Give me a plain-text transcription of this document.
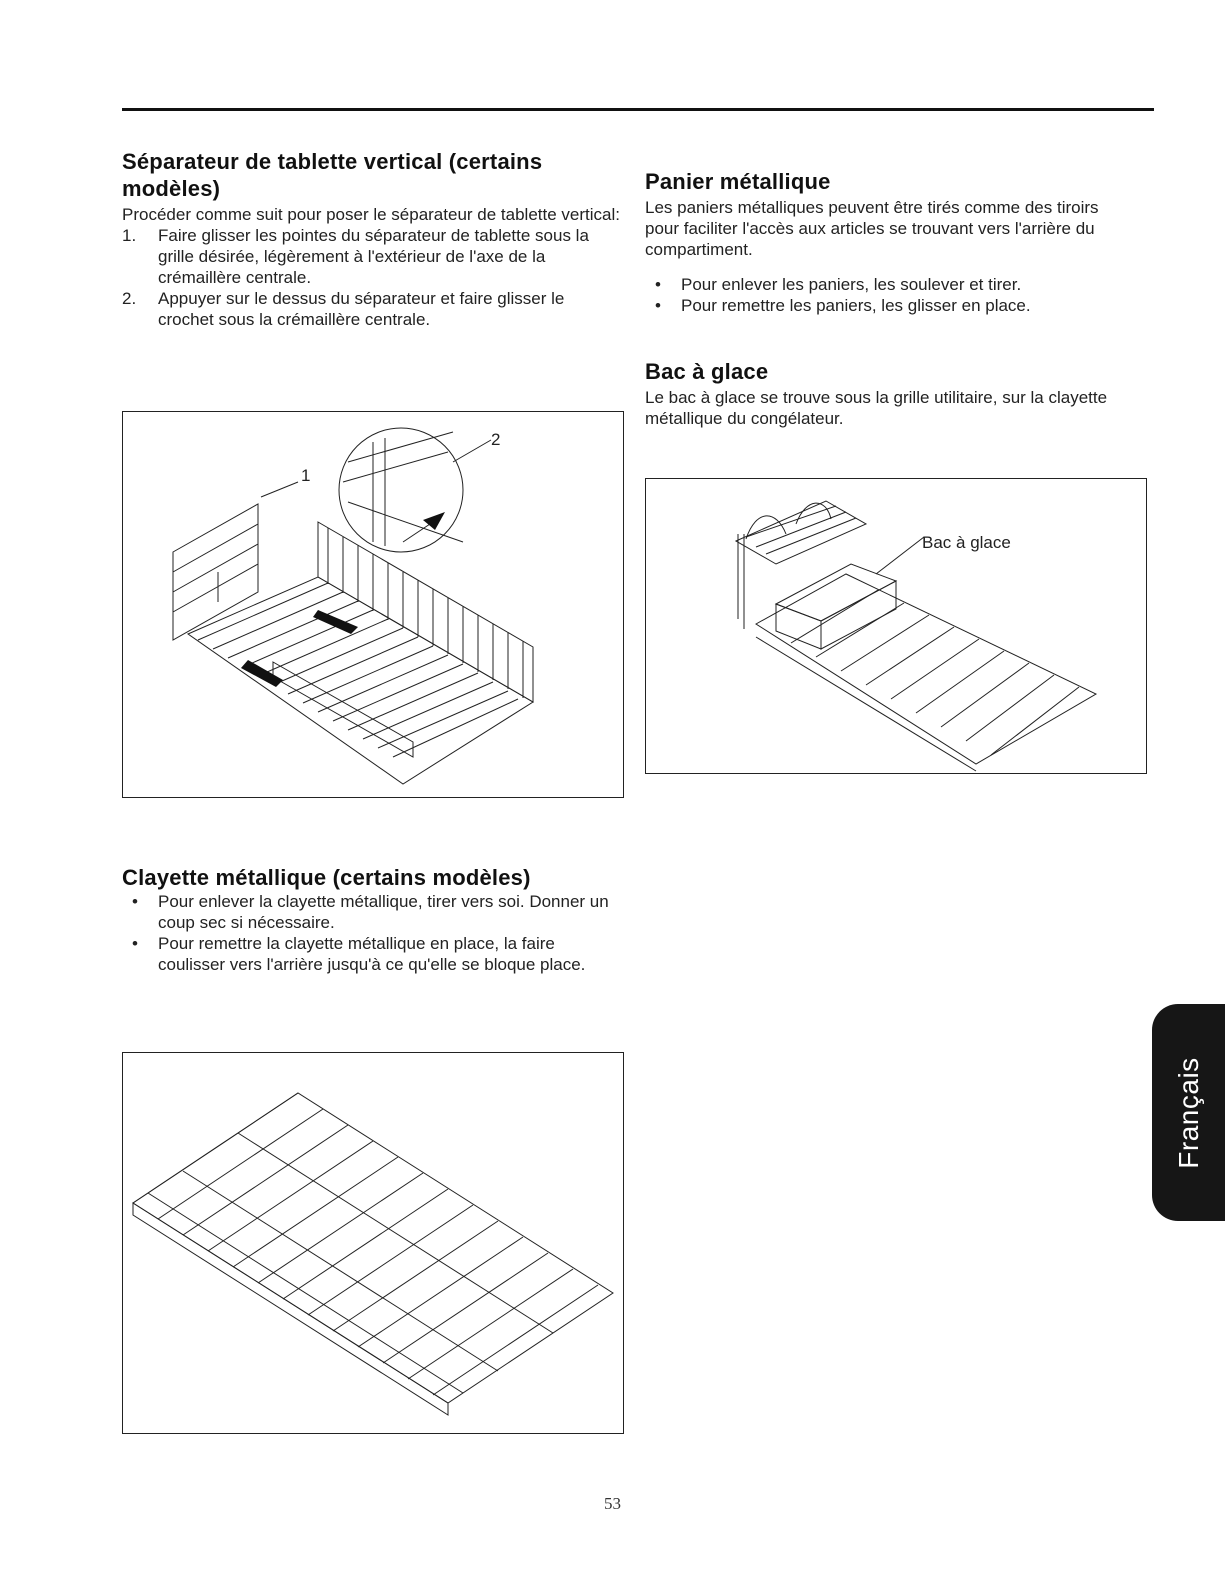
Séparateur de tablette vertical (certains modèles)

Procéder comme suit pour poser le séparateur de tablette vertical:

1. Faire glisser les pointes du séparateur de tablette sous la grille désirée, légèrement à l'extérieur de l'axe de la crémaillère centrale.
2. Appuyer sur le dessus du séparateur et faire glisser le crochet sous la crémaillère centrale.
1
2
Clayette métallique (certains modèles)
• Pour enlever la clayette métallique, tirer vers soi. Donner un coup sec si nécessaire.
• Pour remettre la clayette métallique en place, la faire coulisser vers l'arrière jusqu'à ce qu'elle se bloque place.
Panier métallique

Les paniers métalliques peuvent être tirés comme des tiroirs pour faciliter l'accès aux articles se trouvant vers l'arrière du compartiment.

• Pour enlever les paniers, les soulever et tirer.
• Pour remettre les paniers, les glisser en place.
Bac à glace

Le bac à glace se trouve sous la grille utilitaire, sur la clayette métallique du congélateur.

Bac à glace
Français
53
